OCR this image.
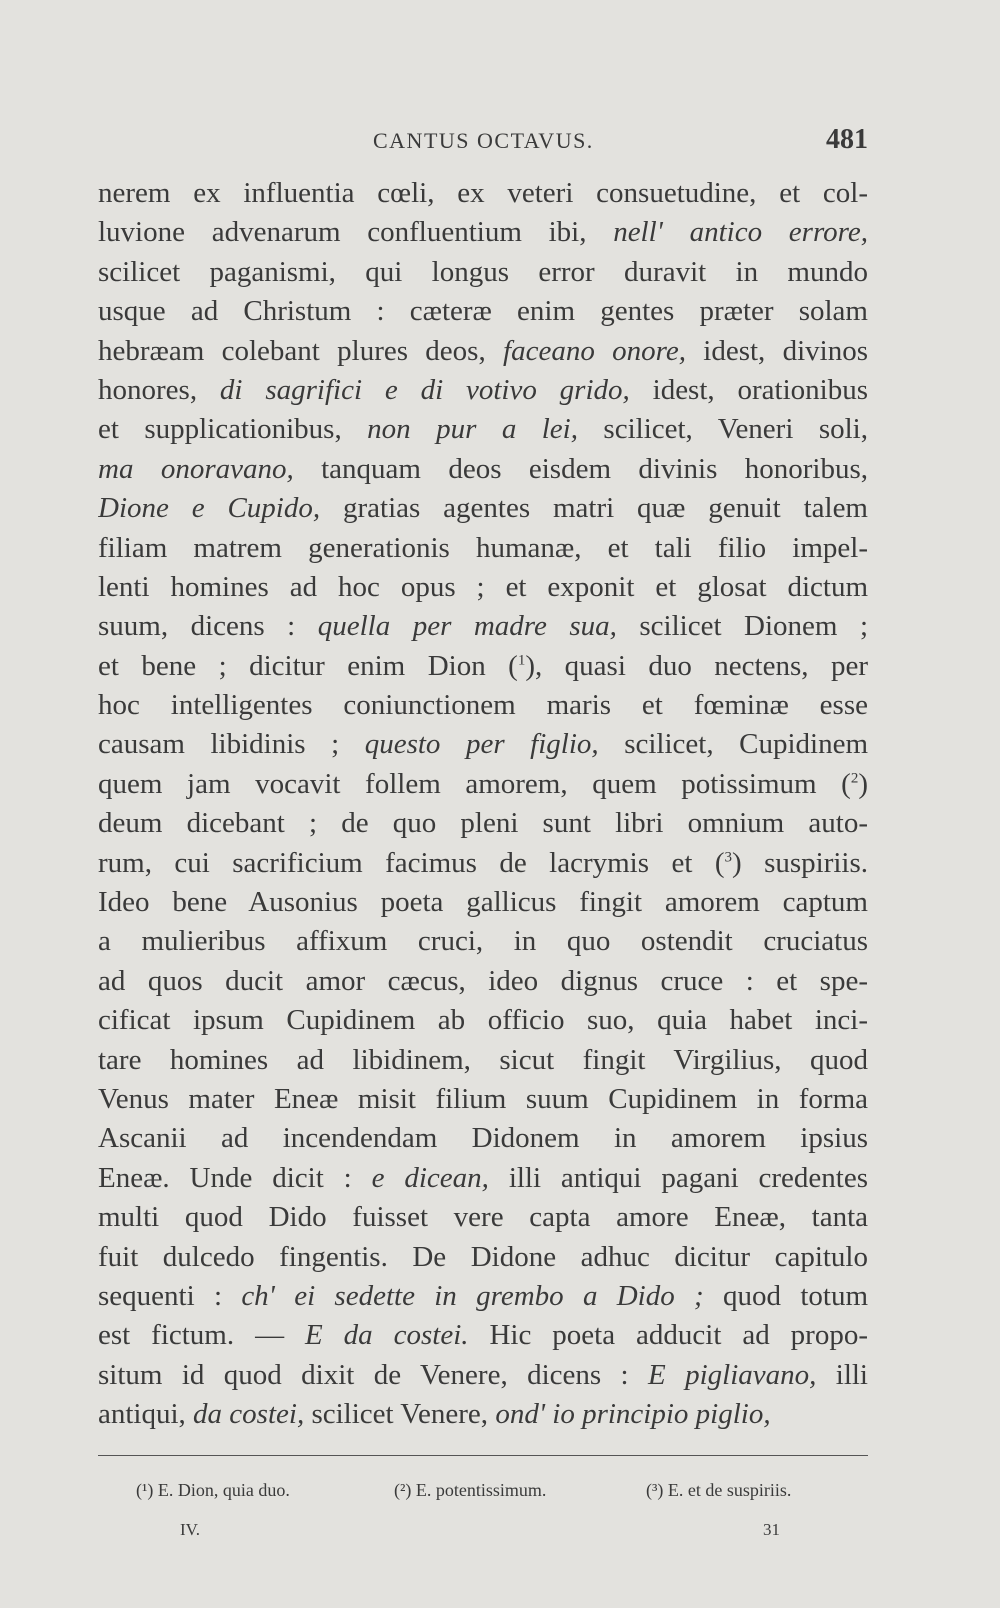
CANTUS OCTAVUS.	481
nerem ex influentia cœli, ex veteri consuetudine, et col-
luvione advenarum confluentium ibi, nell' antico errore,
scilicet paganismi, qui longus error duravit in mundo
usque ad Christum : cæteræ enim gentes præter solam
hebræam colebant plures deos, faceano onore, idest, divinos
honores, di sagrifici e di votivo grido, idest, orationibus
et supplicationibus, non pur a lei, scilicet, Veneri soli,
ma onoravano, tanquam deos eisdem divinis honoribus,
Dione e Cupido, gratias agentes matri quæ genuit talem
filiam matrem generationis humanæ, et tali filio impel-
lenti homines ad hoc opus ; et exponit et glosat dictum
suum, dicens : quella per madre sua, scilicet Dionem ;
et bene ; dicitur enim Dion ($^1$), quasi duo nectens, per
hoc intelligentes coniunctionem maris et fœminæ esse
causam libidinis ; questo per figlio, scilicet, Cupidinem
quem jam vocavit follem amorem, quem potissimum ($^2$)
deum dicebant ; de quo pleni sunt libri omnium auto-
rum, cui sacrificium facimus de lacrymis et ($^3$) suspiriis.
Ideo bene Ausonius poeta gallicus fingit amorem captum
a mulieribus affixum cruci, in quo ostendit cruciatus
ad quos ducit amor cæcus, ideo dignus cruce : et spe-
cificat ipsum Cupidinem ab officio suo, quia habet inci-
tare homines ad libidinem, sicut fingit Virgilius, quod
Venus mater Eneæ misit filium suum Cupidinem in forma
Ascanii ad incendendam Didonem in amorem ipsius
Eneæ. Unde dicit : e dicean, illi antiqui pagani credentes
multi quod Dido fuisset vere capta amore Eneæ, tanta
fuit dulcedo fingentis. De Didone adhuc dicitur capitulo
sequenti : ch' ei sedette in grembo a Dido ; quod totum
est fictum. — E da costei. Hic poeta adducit ad propo-
situm id quod dixit de Venere, dicens : E pigliavano, illi
antiqui, da costei, scilicet Venere, ond' io principio piglio,
(¹) E. Dion, quia duo.	(²) E. potentissimum.	(³) E. et de suspiriis.
IV.	31
